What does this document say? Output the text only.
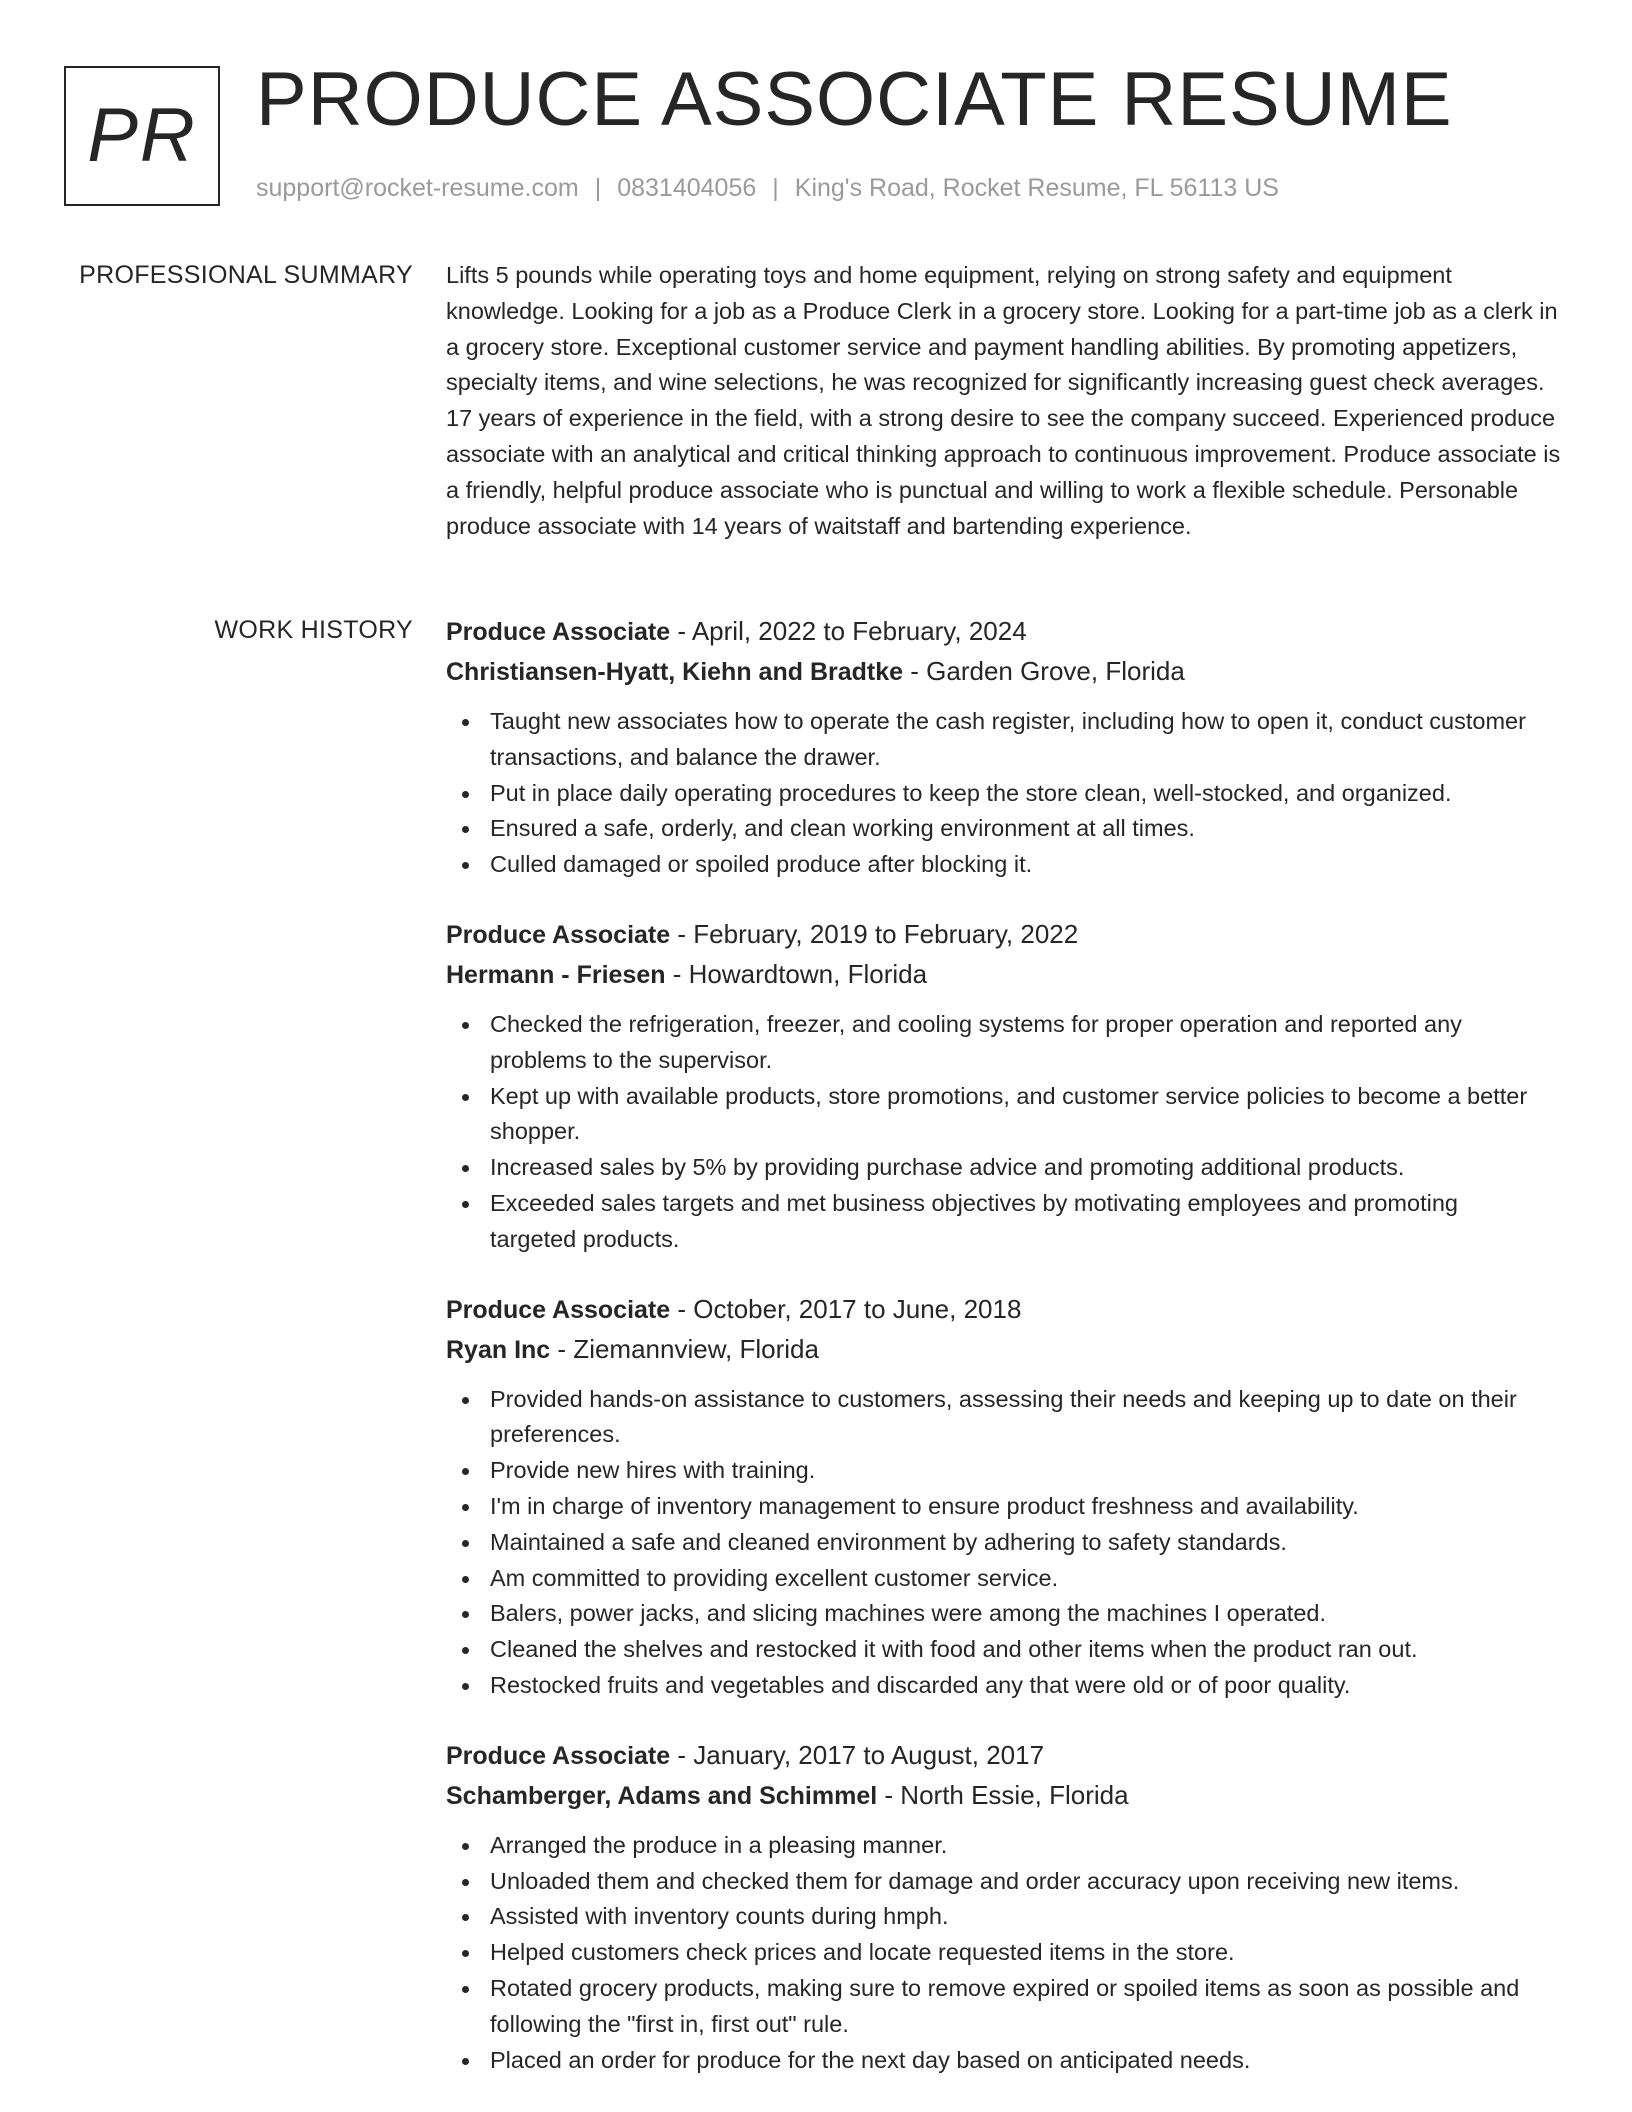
PR PRODUCE ASSOCIATE RESUME
support@rocket-resume.com | 0831404056 | King's Road, Rocket Resume, FL 56113 US
PROFESSIONAL SUMMARY Lifts 5 pounds while operating toys and home equipment, relying on strong safety and equipment knowledge. Looking for a job as a Produce Clerk in a grocery store. Looking for a part-time job as a clerk in a grocery store. Exceptional customer service and payment handling abilities. By promoting appetizers, specialty items, and wine selections, he was recognized for significantly increasing guest check averages. 17 years of experience in the field, with a strong desire to see the company succeed. Experienced produce associate with an analytical and critical thinking approach to continuous improvement. Produce associate is a friendly, helpful produce associate who is punctual and willing to work a flexible schedule. Personable produce associate with 14 years of waitstaff and bartending experience.
WORK HISTORY Produce Associate - April, 2022 to February, 2024
Christiansen-Hyatt, Kiehn and Bradtke - Garden Grove, Florida
Taught new associates how to operate the cash register, including how to open it, conduct customer transactions, and balance the drawer.
Put in place daily operating procedures to keep the store clean, well-stocked, and organized.
Ensured a safe, orderly, and clean working environment at all times.
Culled damaged or spoiled produce after blocking it.
Produce Associate - February, 2019 to February, 2022
Hermann - Friesen - Howardtown, Florida
Checked the refrigeration, freezer, and cooling systems for proper operation and reported any problems to the supervisor.
Kept up with available products, store promotions, and customer service policies to become a better shopper.
Increased sales by 5% by providing purchase advice and promoting additional products.
Exceeded sales targets and met business objectives by motivating employees and promoting targeted products.
Produce Associate - October, 2017 to June, 2018
Ryan Inc - Ziemannview, Florida
Provided hands-on assistance to customers, assessing their needs and keeping up to date on their preferences.
Provide new hires with training.
I'm in charge of inventory management to ensure product freshness and availability.
Maintained a safe and cleaned environment by adhering to safety standards.
Am committed to providing excellent customer service.
Balers, power jacks, and slicing machines were among the machines I operated.
Cleaned the shelves and restocked it with food and other items when the product ran out.
Restocked fruits and vegetables and discarded any that were old or of poor quality.
Produce Associate - January, 2017 to August, 2017
Schamberger, Adams and Schimmel - North Essie, Florida
Arranged the produce in a pleasing manner.
Unloaded them and checked them for damage and order accuracy upon receiving new items.
Assisted with inventory counts during hmph.
Helped customers check prices and locate requested items in the store.
Rotated grocery products, making sure to remove expired or spoiled items as soon as possible and following the "first in, first out" rule.
Placed an order for produce for the next day based on anticipated needs.
